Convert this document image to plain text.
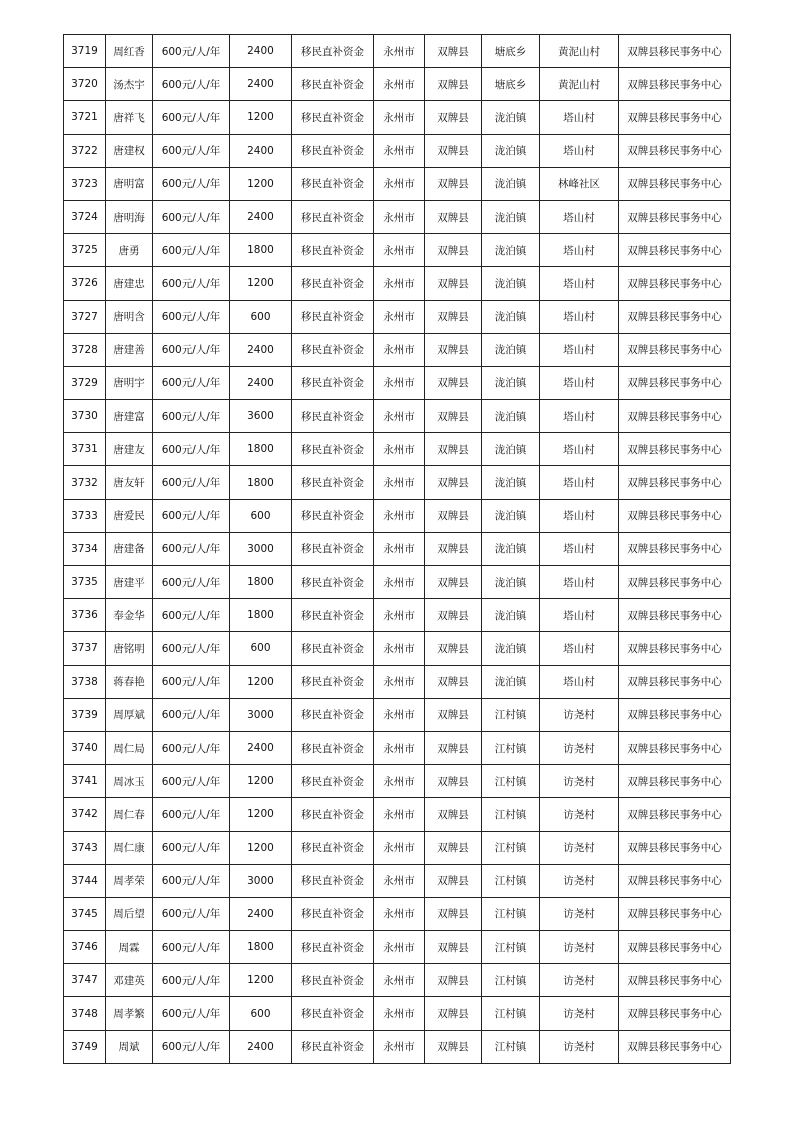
3719	周红香	600元/人/年	2400	移民直补资金	永州市	双牌县	塘底乡	黄泥山村	双牌县移民事务中心
3720	汤杰宇	600元/人/年	2400	移民直补资金	永州市	双牌县	塘底乡	黄泥山村	双牌县移民事务中心
3721	唐祥飞	600元/人/年	1200	移民直补资金	永州市	双牌县	泷泊镇	塔山村	双牌县移民事务中心
3722	唐建权	600元/人/年	2400	移民直补资金	永州市	双牌县	泷泊镇	塔山村	双牌县移民事务中心
3723	唐明富	600元/人/年	1200	移民直补资金	永州市	双牌县	泷泊镇	林峰社区	双牌县移民事务中心
3724	唐明海	600元/人/年	2400	移民直补资金	永州市	双牌县	泷泊镇	塔山村	双牌县移民事务中心
3725	唐勇	600元/人/年	1800	移民直补资金	永州市	双牌县	泷泊镇	塔山村	双牌县移民事务中心
3726	唐建忠	600元/人/年	1200	移民直补资金	永州市	双牌县	泷泊镇	塔山村	双牌县移民事务中心
3727	唐明含	600元/人/年	600	移民直补资金	永州市	双牌县	泷泊镇	塔山村	双牌县移民事务中心
3728	唐建善	600元/人/年	2400	移民直补资金	永州市	双牌县	泷泊镇	塔山村	双牌县移民事务中心
3729	唐明宇	600元/人/年	2400	移民直补资金	永州市	双牌县	泷泊镇	塔山村	双牌县移民事务中心
3730	唐建富	600元/人/年	3600	移民直补资金	永州市	双牌县	泷泊镇	塔山村	双牌县移民事务中心
3731	唐建友	600元/人/年	1800	移民直补资金	永州市	双牌县	泷泊镇	塔山村	双牌县移民事务中心
3732	唐友轩	600元/人/年	1800	移民直补资金	永州市	双牌县	泷泊镇	塔山村	双牌县移民事务中心
3733	唐爱民	600元/人/年	600	移民直补资金	永州市	双牌县	泷泊镇	塔山村	双牌县移民事务中心
3734	唐建备	600元/人/年	3000	移民直补资金	永州市	双牌县	泷泊镇	塔山村	双牌县移民事务中心
3735	唐建平	600元/人/年	1800	移民直补资金	永州市	双牌县	泷泊镇	塔山村	双牌县移民事务中心
3736	奉金华	600元/人/年	1800	移民直补资金	永州市	双牌县	泷泊镇	塔山村	双牌县移民事务中心
3737	唐铭明	600元/人/年	600	移民直补资金	永州市	双牌县	泷泊镇	塔山村	双牌县移民事务中心
3738	蒋春艳	600元/人/年	1200	移民直补资金	永州市	双牌县	泷泊镇	塔山村	双牌县移民事务中心
3739	周厚斌	600元/人/年	3000	移民直补资金	永州市	双牌县	江村镇	访尧村	双牌县移民事务中心
3740	周仁局	600元/人/年	2400	移民直补资金	永州市	双牌县	江村镇	访尧村	双牌县移民事务中心
3741	周冰玉	600元/人/年	1200	移民直补资金	永州市	双牌县	江村镇	访尧村	双牌县移民事务中心
3742	周仁春	600元/人/年	1200	移民直补资金	永州市	双牌县	江村镇	访尧村	双牌县移民事务中心
3743	周仁康	600元/人/年	1200	移民直补资金	永州市	双牌县	江村镇	访尧村	双牌县移民事务中心
3744	周孝荣	600元/人/年	3000	移民直补资金	永州市	双牌县	江村镇	访尧村	双牌县移民事务中心
3745	周后望	600元/人/年	2400	移民直补资金	永州市	双牌县	江村镇	访尧村	双牌县移民事务中心
3746	周霖	600元/人/年	1800	移民直补资金	永州市	双牌县	江村镇	访尧村	双牌县移民事务中心
3747	邓建英	600元/人/年	1200	移民直补资金	永州市	双牌县	江村镇	访尧村	双牌县移民事务中心
3748	周孝繁	600元/人/年	600	移民直补资金	永州市	双牌县	江村镇	访尧村	双牌县移民事务中心
3749	周斌	600元/人/年	2400	移民直补资金	永州市	双牌县	江村镇	访尧村	双牌县移民事务中心
